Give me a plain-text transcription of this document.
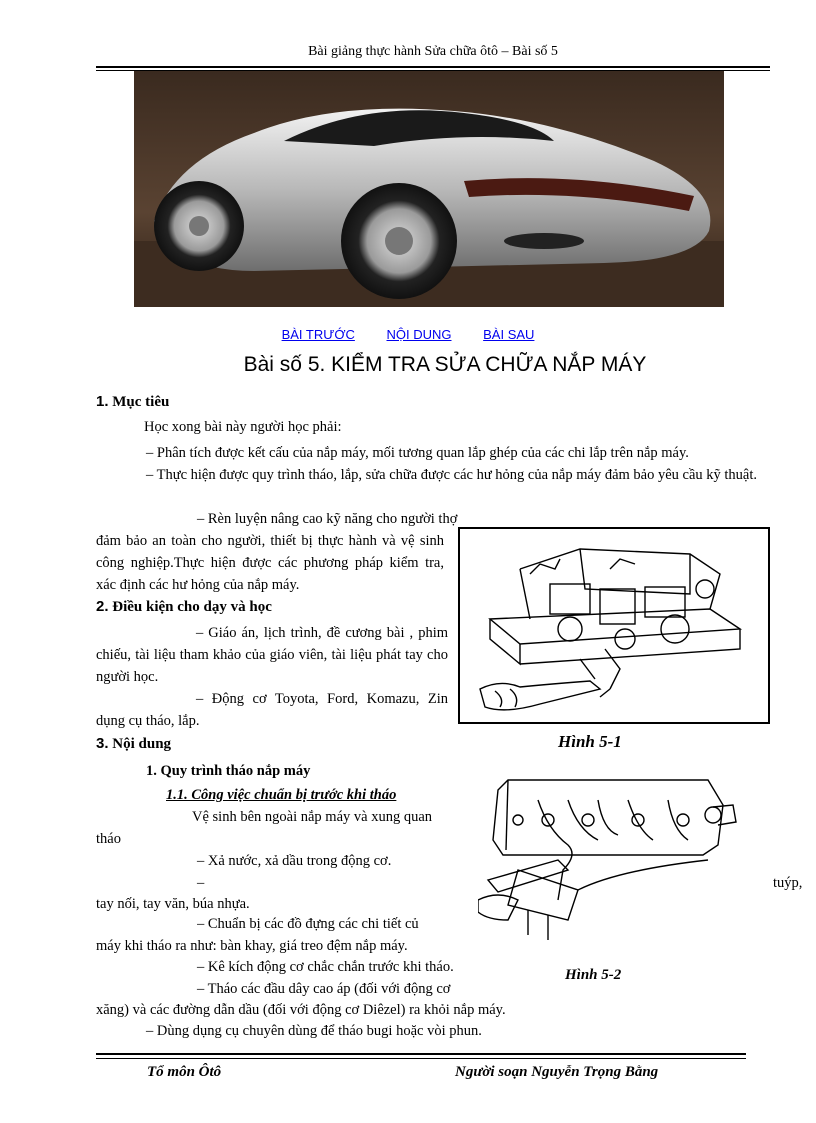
Bài giảng thực hành Sửa chữa ôtô – Bài số 5
BÀI TRƯỚC NỘI DUNG BÀI SAU
Bài số 5. KIỂM TRA SỬA CHỮA NẮP MÁY
1. Mục tiêu
Học xong bài này người học phải:
– Phân tích được kết cấu của nắp máy, mối tương quan lắp ghép của các chi lắp trên nắp máy.
– Thực hiện được quy trình tháo, lắp, sửa chữa được các hư hỏng của nắp máy đảm bảo yêu cầu kỹ thuật.
– Rèn luyện nâng cao kỹ năng cho người thợ
đảm bảo an toàn cho người, thiết bị thực hành và vệ sinh công nghiệp.Thực hiện được các phương pháp kiểm tra, xác định các hư hỏng của nắp máy.
2. Điều kiện cho dạy và học
– Giáo án, lịch trình, đề cương bài , phim chiếu, tài liệu tham khảo của giáo viên, tài liệu phát tay cho người học.
– Động cơ Toyota, Ford, Komazu, Zin dụng cụ tháo, lắp.
3. Nội dung
1. Quy trình tháo nắp máy
1.1. Công việc chuẩn bị trước khi tháo
Vệ sinh bên ngoài nắp máy và xung quan
tháo
– Xả nước, xả dầu trong động cơ.
–	tuýp,
tay nối, tay văn, búa nhựa.
– Chuẩn bị các đồ đựng các chi tiết củ
máy khi tháo ra như: bàn khay, giá treo đệm nắp máy.
– Kê kích động cơ chắc chắn trước khi tháo.
– Tháo các đầu dây cao áp (đối với động cơ
xăng) và các đường dẫn dầu (đối với động cơ Diêzel) ra khỏi nắp máy.
– Dùng dụng cụ chuyên dùng để tháo bugi hoặc vòi phun.
Hình 5-1
Hình 5-2
Tổ môn Ôtô	Người soạn Nguyễn Trọng Bằng
